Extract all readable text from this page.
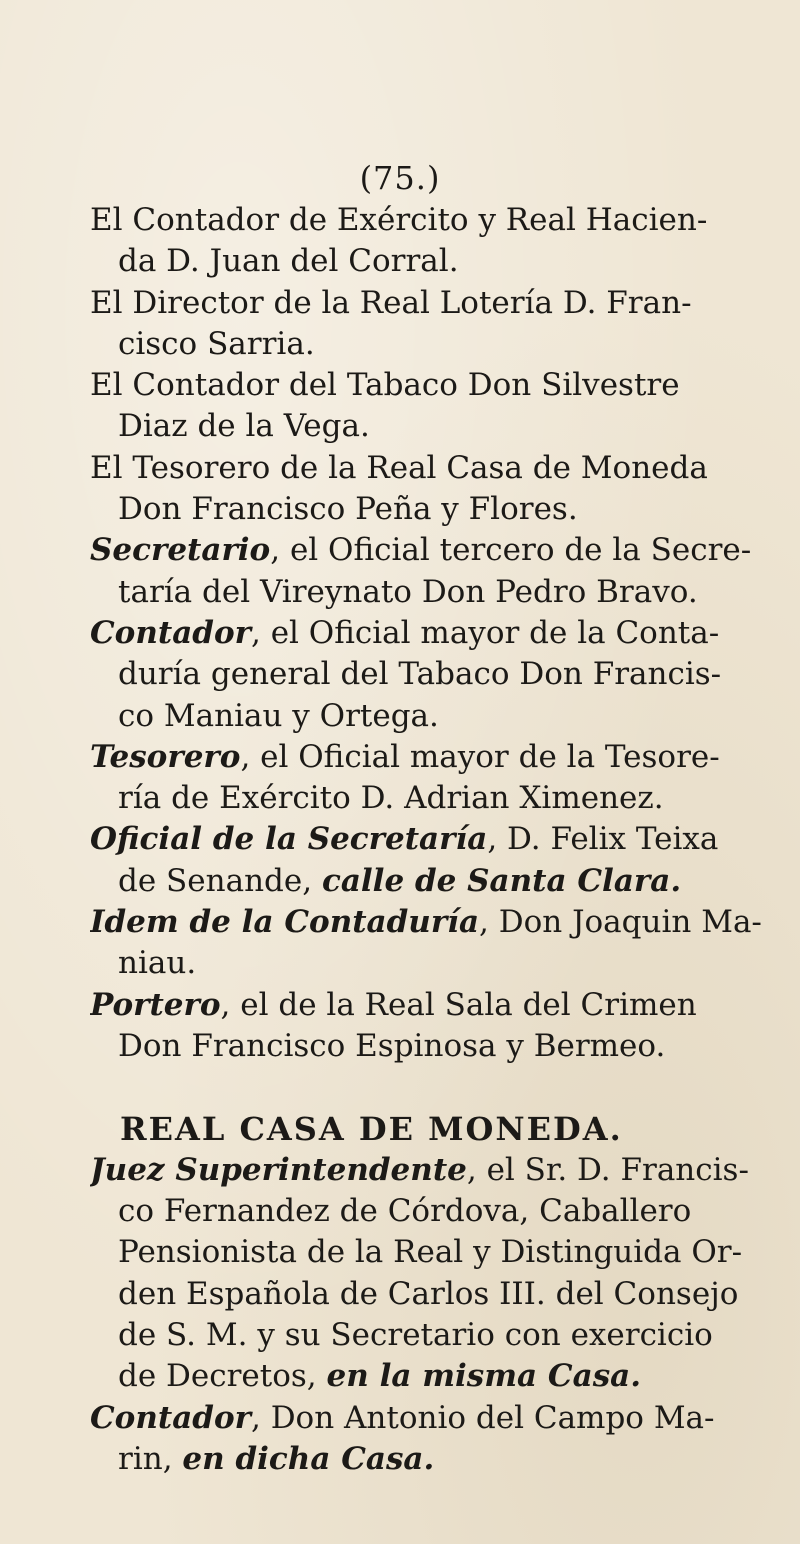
(75.)
El Contador de Exército y Real Hacien-
da D. Juan del Corral.
El Director de la Real Lotería D. Fran-
cisco Sarria.
El Contador del Tabaco Don Silvestre
Diaz de la Vega.
El Tesorero de la Real Casa de Moneda
Don Francisco Peña y Flores.
Secretario, el Oficial tercero de la Secre-
taría del Vireynato Don Pedro Bravo.
Contador, el Oficial mayor de la Conta-
duría general del Tabaco Don Francis-
co Maniau y Ortega.
Tesorero, el Oficial mayor de la Tesore-
ría de Exército D. Adrian Ximenez.
Oficial de la Secretaría, D. Felix Teixa
de Senande, calle de Santa Clara.
Idem de la Contaduría, Don Joaquin Ma-
niau.
Portero, el de la Real Sala del Crimen
Don Francisco Espinosa y Bermeo.
REAL CASA DE MONEDA.
Juez Superintendente, el Sr. D. Francis-
co Fernandez de Córdova, Caballero
Pensionista de la Real y Distinguida Or-
den Española de Carlos III. del Consejo
de S. M. y su Secretario con exercicio
de Decretos, en la misma Casa.
Contador, Don Antonio del Campo Ma-
rin, en dicha Casa.
